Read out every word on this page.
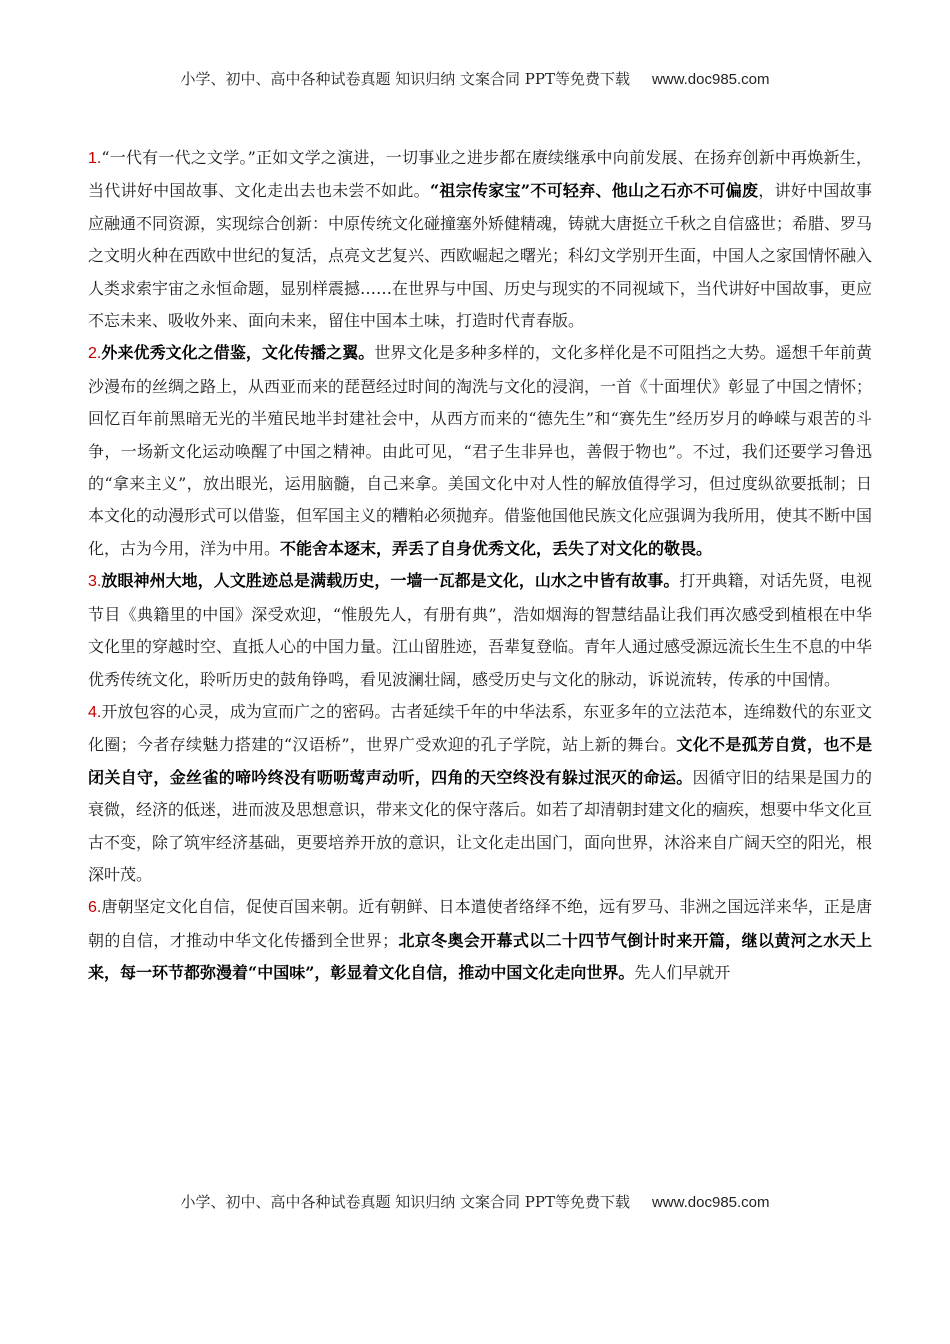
小学、初中、高中各种试卷真题 知识归纳 文案合同 PPT等免费下载 www.doc985.com

1.“一代有一代之文学。”正如文学之演进，一切事业之进步都在赓续继承中向前发展、在扬弃创新中再焕新生，当代讲好中国故事、文化走出去也未尝不如此。“祖宗传家宝”不可轻弃、他山之石亦不可偏废，讲好中国故事应融通不同资源，实现综合创新：中原传统文化碰撞塞外矫健精魂，铸就大唐挺立千秋之自信盛世；希腊、罗马之文明火种在西欧中世纪的复活，点亮文艺复兴、西欧崛起之曙光；科幻文学别开生面，中国人之家国情怀融入人类求索宇宙之永恒命题，显别样震撼……在世界与中国、历史与现实的不同视域下，当代讲好中国故事，更应不忘未来、吸收外来、面向未来，留住中国本土味，打造时代青春版。

2.外来优秀文化之借鉴，文化传播之翼。世界文化是多种多样的，文化多样化是不可阻挡之大势。遥想千年前黄沙漫布的丝绸之路上，从西亚而来的琵琶经过时间的淘洗与文化的浸润，一首《十面埋伏》彰显了中国之情怀；回忆百年前黑暗无光的半殖民地半封建社会中，从西方而来的“德先生”和“赛先生”经历岁月的峥嵘与艰苦的斗争，一场新文化运动唤醒了中国之精神。由此可见，“君子生非异也，善假于物也”。不过，我们还要学习鲁迅的“拿来主义”，放出眼光，运用脑髓，自己来拿。美国文化中对人性的解放值得学习，但过度纵欲要抵制；日本文化的动漫形式可以借鉴，但军国主义的糟粕必须抛弃。借鉴他国他民族文化应强调为我所用，使其不断中国化，古为今用，洋为中用。不能舍本逐末，弄丢了自身优秀文化，丢失了对文化的敬畏。

3.放眼神州大地，人文胜迹总是满载历史，一墙一瓦都是文化，山水之中皆有故事。打开典籍，对话先贤，电视节目《典籍里的中国》深受欢迎，“惟殷先人，有册有典”，浩如烟海的智慧结晶让我们再次感受到植根在中华文化里的穿越时空、直抵人心的中国力量。江山留胜迹，吾辈复登临。青年人通过感受源远流长生生不息的中华优秀传统文化，聆听历史的鼓角铮鸣，看见波澜壮阔，感受历史与文化的脉动，诉说流转，传承的中国情。

4.开放包容的心灵，成为宣而广之的密码。古者延续千年的中华法系，东亚多年的立法范本，连绵数代的东亚文化圈；今者存续魅力搭建的“汉语桥”，世界广受欢迎的孔子学院，站上新的舞台。文化不是孤芳自赏，也不是闭关自守，金丝雀的啼吟终没有呖呖莺声动听，四角的天空终没有躲过泯灭的命运。因循守旧的结果是国力的衰微，经济的低迷，进而波及思想意识，带来文化的保守落后。如若了却清朝封建文化的痼疾，想要中华文化亘古不变，除了筑牢经济基础，更要培养开放的意识，让文化走出国门，面向世界，沐浴来自广阔天空的阳光，根深叶茂。

6.唐朝坚定文化自信，促使百国来朝。近有朝鲜、日本遣使者络绎不绝，远有罗马、非洲之国远洋来华，正是唐朝的自信，才推动中华文化传播到全世界；北京冬奥会开幕式以二十四节气倒计时来开篇，继以黄河之水天上来，每一环节都弥漫着“中国味”，彰显着文化自信，推动中国文化走向世界。先人们早就开

小学、初中、高中各种试卷真题 知识归纳 文案合同 PPT等免费下载 www.doc985.com
